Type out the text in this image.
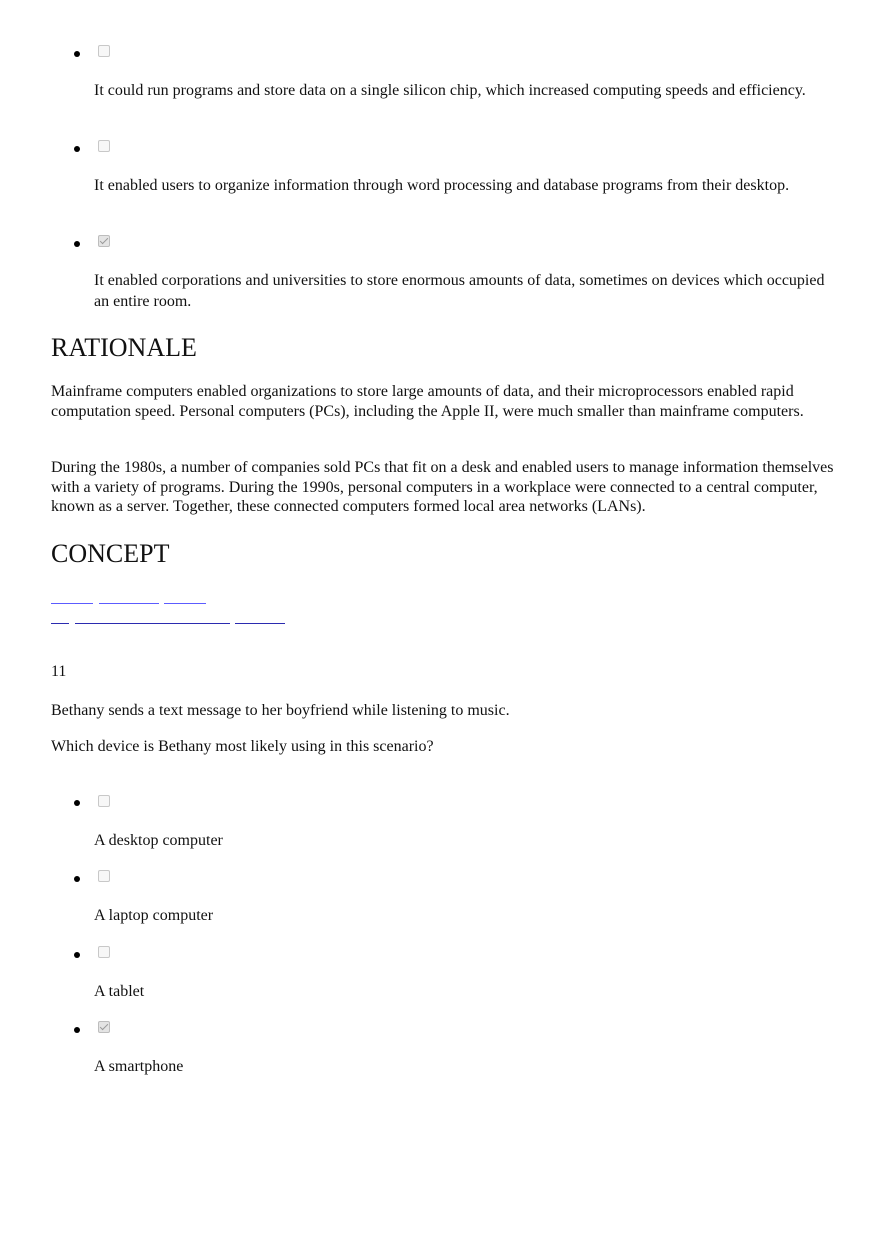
It could run programs and store data on a single silicon chip, which increased computing speeds and efficiency.

It enabled users to organize information through word processing and database programs from their desktop.

It enabled corporations and universities to store enormous amounts of data, sometimes on devices which occupied an entire room.

RATIONALE

Mainframe computers enabled organizations to store large amounts of data, and their microprocessors enabled rapid computation speed. Personal computers (PCs), including the Apple II, were much smaller than mainframe computers.

During the 1980s, a number of companies sold PCs that fit on a desk and enabled users to manage information themselves with a variety of programs. During the 1990s, personal computers in a workplace were connected to a central computer, known as a server. Together, these connected computers formed local area networks (LANs).

CONCEPT

11

Bethany sends a text message to her boyfriend while listening to music.

Which device is Bethany most likely using in this scenario?

A desktop computer

A laptop computer

A tablet

A smartphone
